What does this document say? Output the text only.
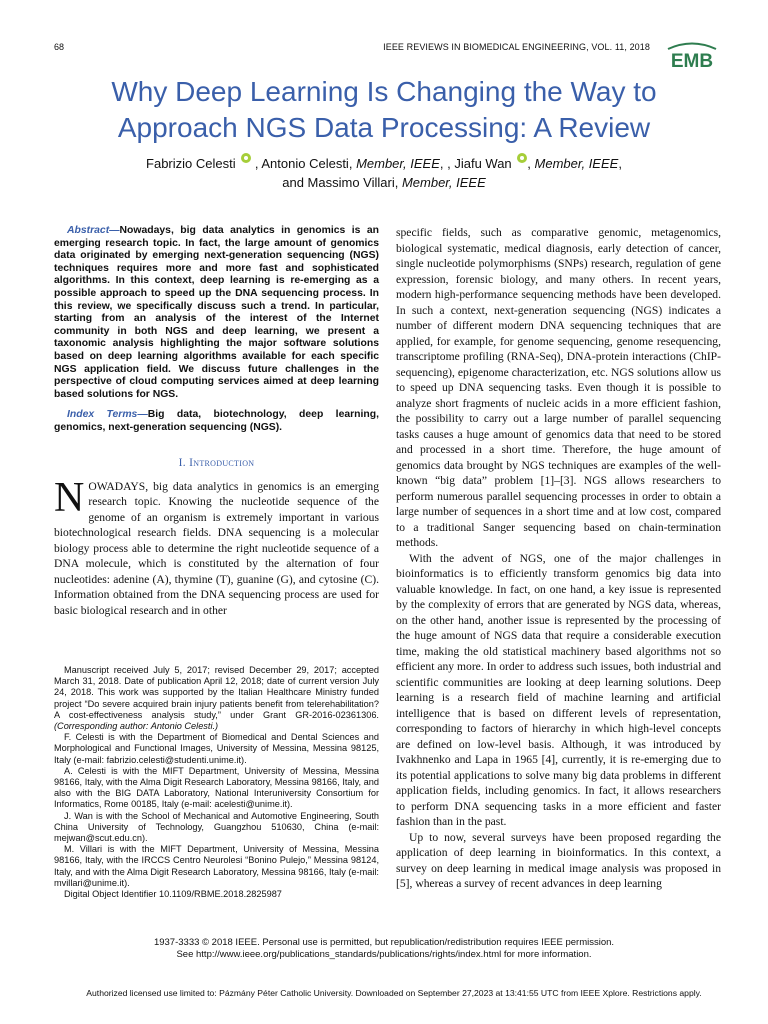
68	IEEE REVIEWS IN BIOMEDICAL ENGINEERING, VOL. 11, 2018
EMB
Why Deep Learning Is Changing the Way to
Approach NGS Data Processing: A Review
Fabrizio Celesti , Antonio Celesti, Member, IEEE, , Jiafu Wan , Member, IEEE,
and Massimo Villari, Member, IEEE

Abstract—Nowadays, big data analytics in genomics is an emerging research topic. In fact, the large amount of genomics data originated by emerging next-generation sequencing (NGS) techniques requires more and more fast and sophisticated algorithms. In this context, deep learning is re-emerging as a possible approach to speed up the DNA sequencing process. In this review, we specifically discuss such a trend. In particular, starting from an analysis of the interest of the Internet community in both NGS and deep learning, we present a taxonomic analysis highlighting the major software solutions based on deep learning algorithms available for each specific NGS application field. We discuss future challenges in the perspective of cloud computing services aimed at deep learning based solutions for NGS.

Index Terms—Big data, biotechnology, deep learning, genomics, next-generation sequencing (NGS).

I. Introduction

NOWADAYS, big data analytics in genomics is an emerging research topic. Knowing the nucleotide sequence of the genome of an organism is extremely important in various biotechnological research fields. DNA sequencing is a molecular biology process able to determine the right nucleotide sequence of a DNA molecule, which is constituted by the alternation of four nucleotides: adenine (A), thymine (T), guanine (G), and cytosine (C). Information obtained from the DNA sequencing process are used for basic biological research and in other

Manuscript received July 5, 2017; revised December 29, 2017; accepted March 31, 2018. Date of publication April 12, 2018; date of current version July 24, 2018. This work was supported by the Italian Healthcare Ministry funded project “Do severe acquired brain injury patients benefit from telerehabilitation? A cost-effectiveness analysis study,” under Grant GR-2016-02361306. (Corresponding author: Antonio Celesti.)

F. Celesti is with the Department of Biomedical and Dental Sciences and Morphological and Functional Images, University of Messina, Messina 98125, Italy (e-mail: fabrizio.celesti@studenti.unime.it).

A. Celesti is with the MIFT Department, University of Messina, Messina 98166, Italy, with the Alma Digit Research Laboratory, Messina 98166, Italy, and also with the BIG DATA Laboratory, National Interuniversity Consortium for Informatics, Rome 00185, Italy (e-mail: acelesti@unime.it).

J. Wan is with the School of Mechanical and Automotive Engineering, South China University of Technology, Guangzhou 510630, China (e-mail: mejwan@scut.edu.cn).

M. Villari is with the MIFT Department, University of Messina, Messina 98166, Italy, with the IRCCS Centro Neurolesi “Bonino Pulejo,” Messina 98124, Italy, and with the Alma Digit Research Laboratory, Messina 98166, Italy (e-mail: mvillari@unime.it).

Digital Object Identifier 10.1109/RBME.2018.2825987

specific fields, such as comparative genomic, metagenomics, biological systematic, medical diagnosis, early detection of cancer, single nucleotide polymorphisms (SNPs) research, regulation of gene expression, forensic biology, and many others. In recent years, modern high-performance sequencing methods have been developed. In such a context, next-generation sequencing (NGS) indicates a number of different modern DNA sequencing techniques that are applied, for example, for genome sequencing, genome resequencing, transcriptome profiling (RNA-Seq), DNA-protein interactions (ChIP-sequencing), epigenome characterization, etc. NGS solutions allow us to speed up DNA sequencing tasks. Even though it is possible to analyze short fragments of nucleic acids in a more efficient fashion, the possibility to carry out a large number of parallel sequencing tasks causes a huge amount of genomics data that need to be stored and processed in a short time. Therefore, the huge amount of genomics data brought by NGS techniques are examples of the well-known “big data” problem [1]–[3]. NGS allows researchers to perform numerous parallel sequencing processes in order to obtain a large number of sequences in a short time and at low cost, compared to a traditional Sanger sequencing based on chain-termination methods.

With the advent of NGS, one of the major challenges in bioinformatics is to efficiently transform genomics big data into valuable knowledge. In fact, on one hand, a key issue is represented by the complexity of errors that are generated by NGS data, whereas, on the other hand, another issue is represented by the processing of the huge amount of NGS data that require a considerable execution time, making the old statistical machinery based algorithms not so efficient any more. In order to address such issues, both industrial and scientific communities are looking at deep learning solutions. Deep learning is a research field of machine learning and artificial intelligence that is based on different levels of representation, corresponding to factors of hierarchy in which high-level concepts are defined on low-level basis. Although, it was introduced by Ivakhnenko and Lapa in 1965 [4], currently, it is re-emerging due to its potential applications to solve many big data problems in different application fields, including genomics. In fact, it allows researchers to perform DNA sequencing tasks in a more efficient and faster fashion than in the past.

Up to now, several surveys have been proposed regarding the application of deep learning in bioinformatics. In this context, a survey on deep learning in medical image analysis was proposed in [5], whereas a survey of recent advances in deep learning

1937-3333 © 2018 IEEE. Personal use is permitted, but republication/redistribution requires IEEE permission.
See http://www.ieee.org/publications_standards/publications/rights/index.html for more information.
Authorized licensed use limited to: Pázmány Péter Catholic University. Downloaded on September 27,2023 at 13:41:55 UTC from IEEE Xplore. Restrictions apply.
